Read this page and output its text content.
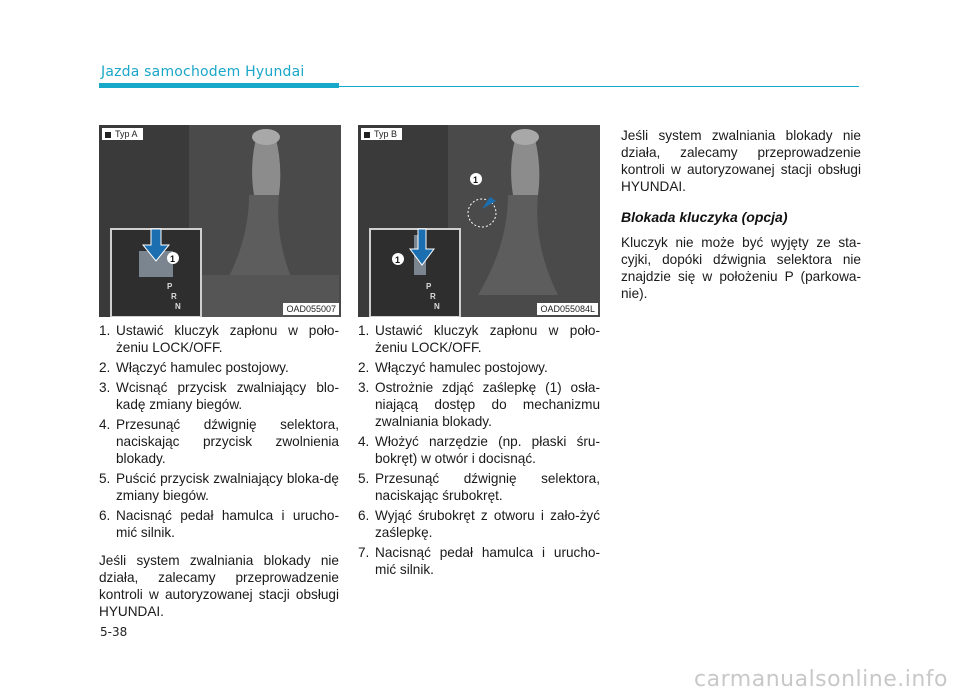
Jazda samochodem Hyundai
1
P
R
N
Typ A
OAD055007
1
1
P
R
N
Typ B
OAD055084L
1. Ustawić kluczyk zapłonu w poło-żeniu LOCK/OFF.
2. Włączyć hamulec postojowy.
3. Wcisnąć przycisk zwalniający blo-kadę zmiany biegów.
4. Przesunąć dźwignię selektora, naciskając przycisk zwolnienia blokady.
5. Puścić przycisk zwalniający bloka-dę zmiany biegów.
6. Nacisnąć pedał hamulca i urucho-mić silnik.

Jeśli system zwalniania blokady nie działa, zalecamy przeprowadzenie kontroli w autoryzowanej stacji obsługi HYUNDAI.

1. Ustawić kluczyk zapłonu w poło-żeniu LOCK/OFF.
2. Włączyć hamulec postojowy.
3. Ostrożnie zdjąć zaślepkę (1) osła-niającą dostęp do mechanizmu zwalniania blokady.
4. Włożyć narzędzie (np. płaski śru-bokręt) w otwór i docisnąć.
5. Przesunąć dźwignię selektora, naciskając śrubokręt.
6. Wyjąć śrubokręt z otworu i zało-żyć zaślepkę.
7. Nacisnąć pedał hamulca i urucho-mić silnik.

Jeśli system zwalniania blokady nie działa, zalecamy przeprowadzenie kontroli w autoryzowanej stacji obsługi HYUNDAI.

Blokada kluczyka (opcja)

Kluczyk nie może być wyjęty ze sta-cyjki, dopóki dźwignia selektora nie znajdzie się w położeniu P (parkowa-nie).

5-38
carmanualsonline.info
